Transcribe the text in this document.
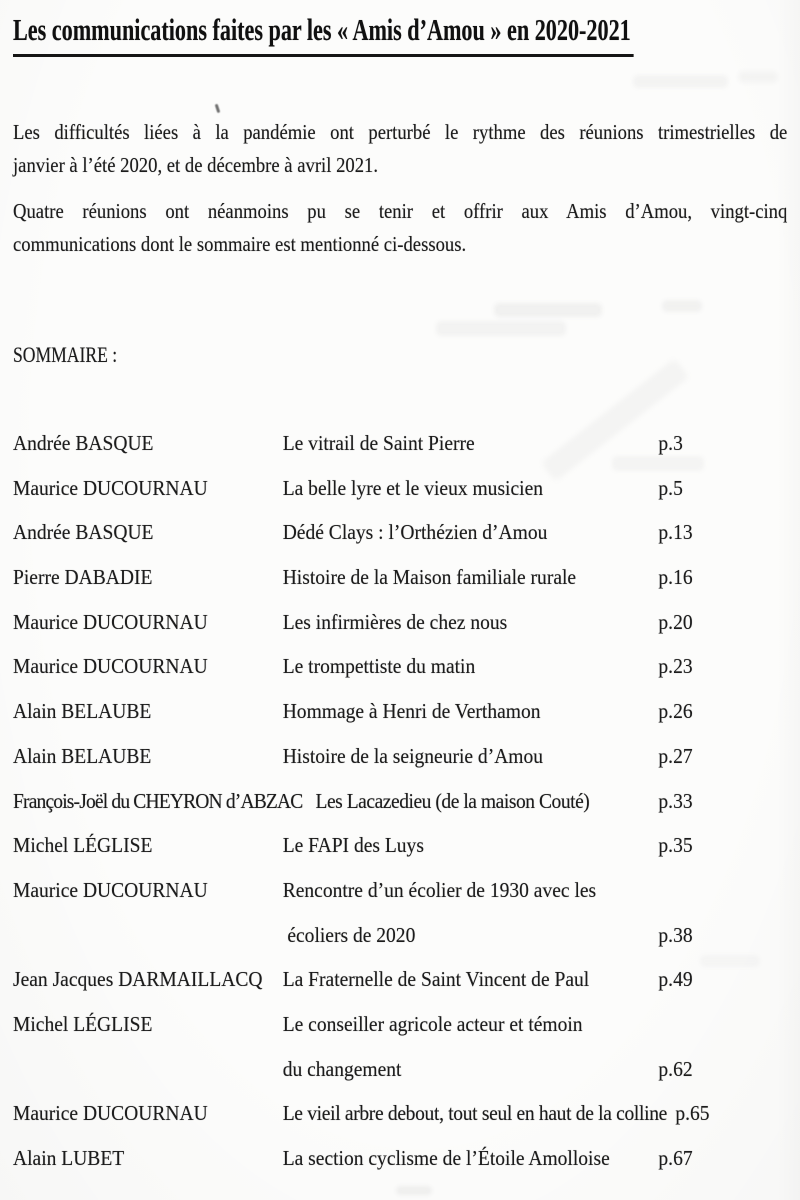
Les communications faites par les « Amis d’Amou » en 2020-2021
Les difficultés liées à la pandémie ont perturbé le rythme des réunions trimestrielles de
janvier à l’été 2020, et de décembre à avril 2021.
Quatre réunions ont néanmoins pu se tenir et offrir aux Amis d’Amou, vingt-cinq
communications dont le sommaire est mentionné ci-dessous.
SOMMAIRE :
Andrée BASQUE	Le vitrail de Saint Pierre	p.3
Maurice DUCOURNAU	La belle lyre et le vieux musicien	p.5
Andrée BASQUE	Dédé Clays : l’Orthézien d’Amou	p.13
Pierre DABADIE	Histoire de la Maison familiale rurale	p.16
Maurice DUCOURNAU	Les infirmières de chez nous	p.20
Maurice DUCOURNAU	Le trompettiste du matin	p.23
Alain BELAUBE	Hommage à Henri de Verthamon	p.26
Alain BELAUBE	Histoire de la seigneurie d’Amou	p.27
François-Joël du CHEYRON d’ABZAC Les Lacazedieu (de la maison Couté)	p.33
Michel LÉGLISE	Le FAPI des Luys	p.35
Maurice DUCOURNAU	Rencontre d’un écolier de 1930 avec les
écoliers de 2020	p.38
Jean Jacques DARMAILLACQ La Fraternelle de Saint Vincent de Paul	p.49
Michel LÉGLISE	Le conseiller agricole acteur et témoin
du changement	p.62
Maurice DUCOURNAU	Le vieil arbre debout, tout seul en haut de la colline p.65
Alain LUBET	La section cyclisme de l’Étoile Amolloise p.67
